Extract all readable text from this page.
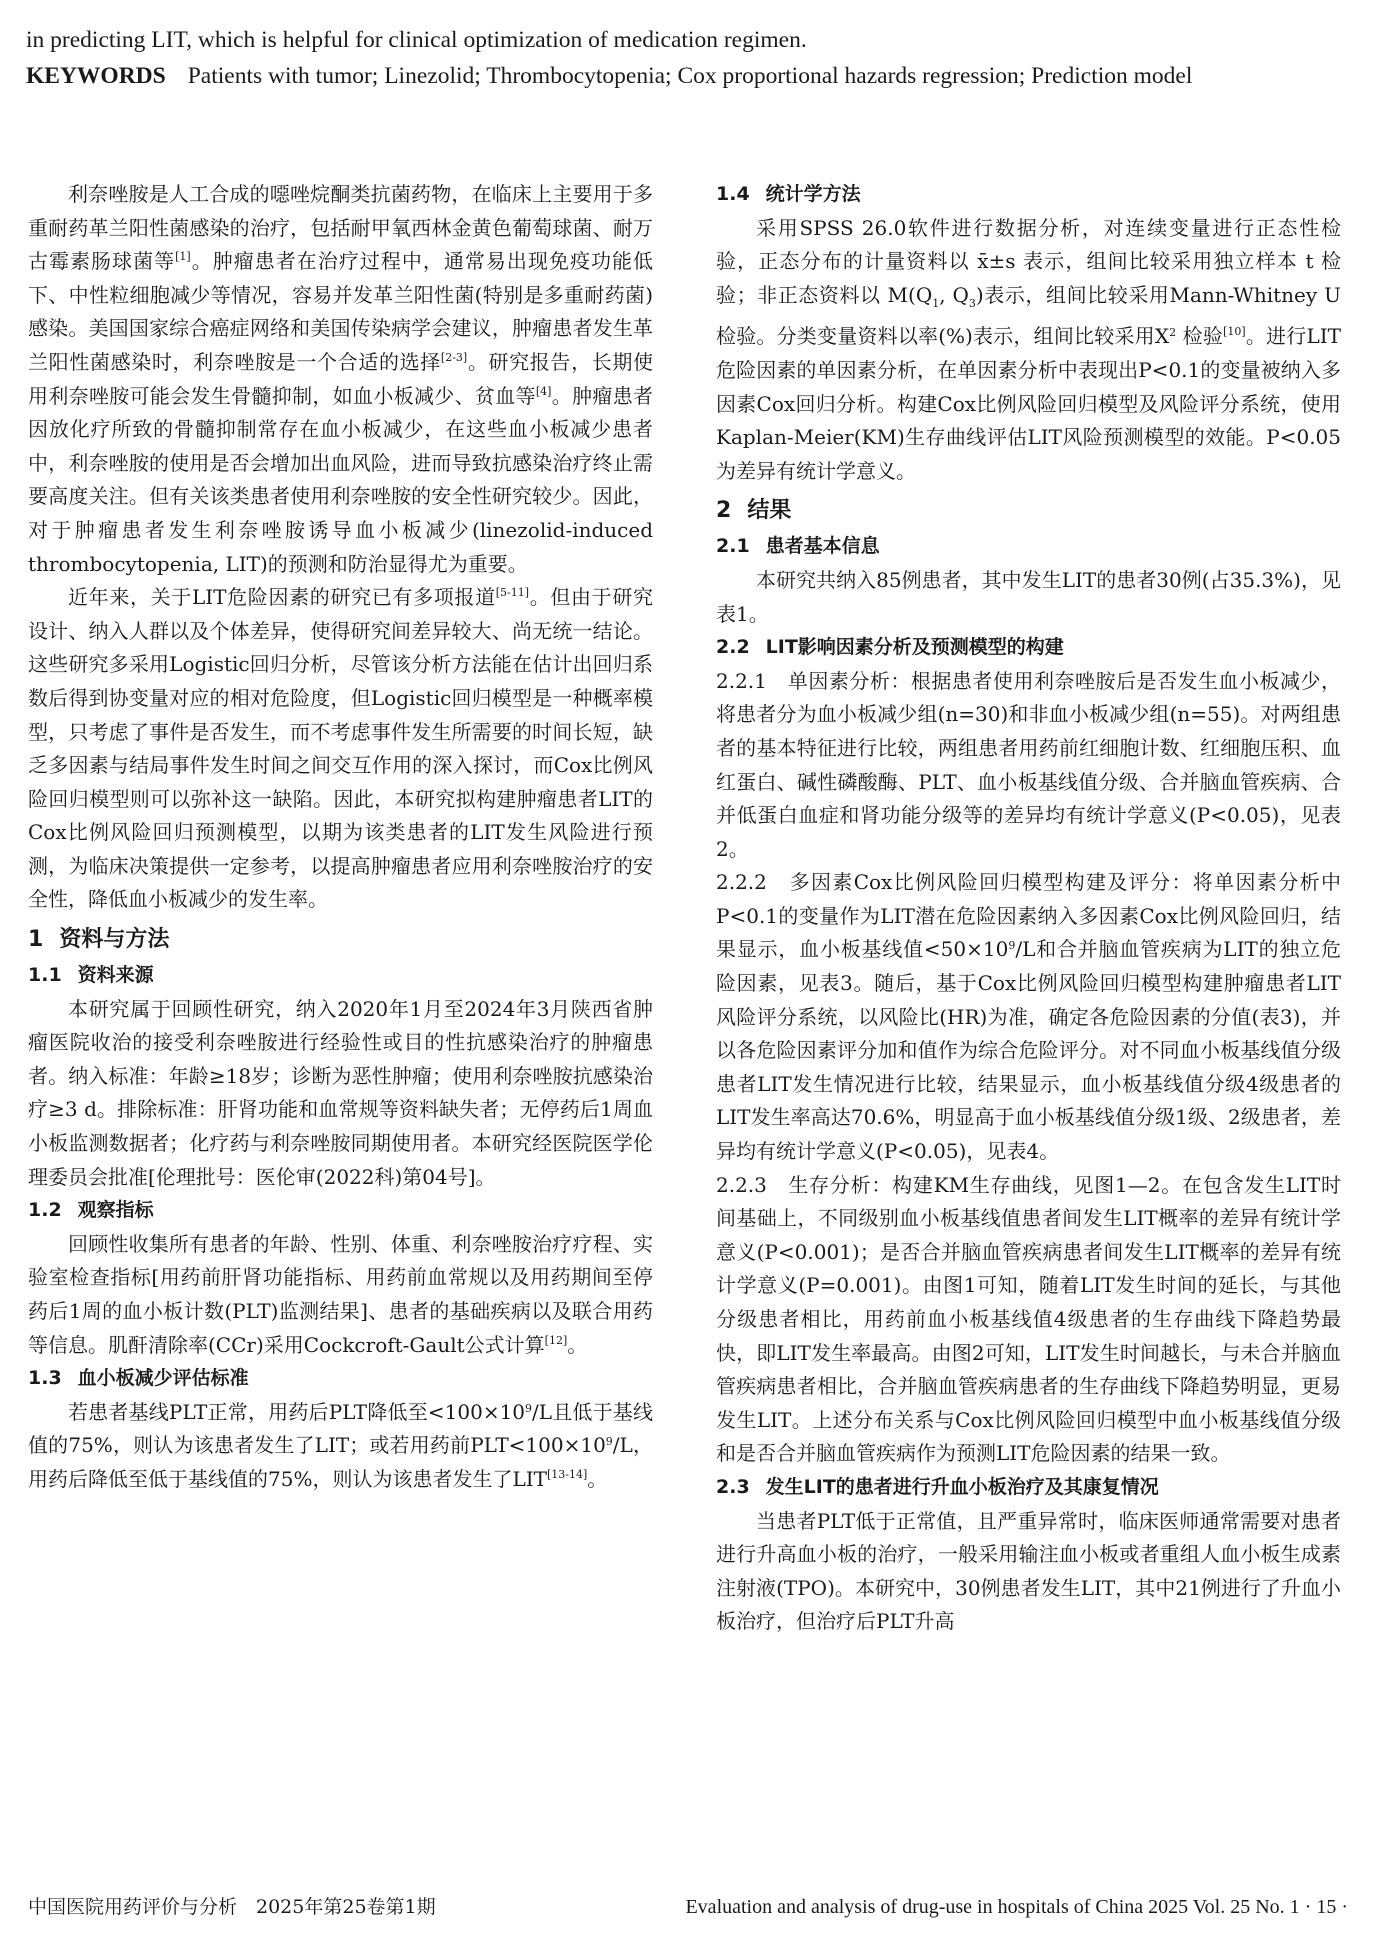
in predicting LIT, which is helpful for clinical optimization of medication regimen.
KEYWORDS Patients with tumor; Linezolid; Thrombocytopenia; Cox proportional hazards regression; Prediction model

利奈唑胺是人工合成的噁唑烷酮类抗菌药物，在临床上主要用于多重耐药革兰阳性菌感染的治疗，包括耐甲氧西林金黄色葡萄球菌、耐万古霉素肠球菌等[1]。肿瘤患者在治疗过程中，通常易出现免疫功能低下、中性粒细胞减少等情况，容易并发革兰阳性菌(特别是多重耐药菌)感染。美国国家综合癌症网络和美国传染病学会建议，肿瘤患者发生革兰阳性菌感染时，利奈唑胺是一个合适的选择[2-3]。研究报告，长期使用利奈唑胺可能会发生骨髓抑制，如血小板减少、贫血等[4]。肿瘤患者因放化疗所致的骨髓抑制常存在血小板减少，在这些血小板减少患者中，利奈唑胺的使用是否会增加出血风险，进而导致抗感染治疗终止需要高度关注。但有关该类患者使用利奈唑胺的安全性研究较少。因此，对于肿瘤患者发生利奈唑胺诱导血小板减少(linezolid-induced thrombocytopenia, LIT)的预测和防治显得尤为重要。

近年来，关于LIT危险因素的研究已有多项报道[5-11]。但由于研究设计、纳入人群以及个体差异，使得研究间差异较大、尚无统一结论。这些研究多采用Logistic回归分析，尽管该分析方法能在估计出回归系数后得到协变量对应的相对危险度，但Logistic回归模型是一种概率模型，只考虑了事件是否发生，而不考虑事件发生所需要的时间长短，缺乏多因素与结局事件发生时间之间交互作用的深入探讨，而Cox比例风险回归模型则可以弥补这一缺陷。因此，本研究拟构建肿瘤患者LIT的Cox比例风险回归预测模型，以期为该类患者的LIT发生风险进行预测，为临床决策提供一定参考，以提高肿瘤患者应用利奈唑胺治疗的安全性，降低血小板减少的发生率。

1 资料与方法
1.1 资料来源

本研究属于回顾性研究，纳入2020年1月至2024年3月陕西省肿瘤医院收治的接受利奈唑胺进行经验性或目的性抗感染治疗的肿瘤患者。纳入标准：年龄≥18岁；诊断为恶性肿瘤；使用利奈唑胺抗感染治疗≥3 d。排除标准：肝肾功能和血常规等资料缺失者；无停药后1周血小板监测数据者；化疗药与利奈唑胺同期使用者。本研究经医院医学伦理委员会批准[伦理批号：医伦审(2022科)第04号]。

1.2 观察指标

回顾性收集所有患者的年龄、性别、体重、利奈唑胺治疗疗程、实验室检查指标[用药前肝肾功能指标、用药前血常规以及用药期间至停药后1周的血小板计数(PLT)监测结果]、患者的基础疾病以及联合用药等信息。肌酐清除率(CCr)采用Cockcroft-Gault公式计算[12]。

1.3 血小板减少评估标准

若患者基线PLT正常，用药后PLT降低至$<100\times 10^9/L$且低于基线值的75%，则认为该患者发生了LIT；或若用药前$PLT<100\times 10^9/L$，用药后降低至低于基线值的75%，则认为该患者发生了LIT[13-14]。

1.4 统计学方法

采用SPSS 26.0软件进行数据分析，对连续变量进行正态性检验，正态分布的计量资料以 x̄±s 表示，组间比较采用独立样本 t 检验；非正态资料以 $M(Q_1$, $Q_3$)表示，组间比较采用Mann-Whitney U检验。分类变量资料以率(%)表示，组间比较采用$X^2$ 检验[10]。进行LIT危险因素的单因素分析，在单因素分析中表现出P<0.1的变量被纳入多因素Cox回归分析。构建Cox比例风险回归模型及风险评分系统，使用Kaplan-Meier(KM)生存曲线评估LIT风险预测模型的效能。P<0.05为差异有统计学意义。

2 结果
2.1 患者基本信息

本研究共纳入85例患者，其中发生LIT的患者30例(占35.3%)，见表1。

2.2 LIT影响因素分析及预测模型的构建

2.2.1　单因素分析：根据患者使用利奈唑胺后是否发生血小板减少，将患者分为血小板减少组(n=30)和非血小板减少组(n=55)。对两组患者的基本特征进行比较，两组患者用药前红细胞计数、红细胞压积、血红蛋白、碱性磷酸酶、PLT、血小板基线值分级、合并脑血管疾病、合并低蛋白血症和肾功能分级等的差异均有统计学意义(P<0.05)，见表2。

2.2.2　多因素Cox比例风险回归模型构建及评分：将单因素分析中P<0.1的变量作为LIT潜在危险因素纳入多因素Cox比例风险回归，结果显示，血小板基线值$<50\times 10^9/L$和合并脑血管疾病为LIT的独立危险因素，见表3。随后，基于Cox比例风险回归模型构建肿瘤患者LIT风险评分系统，以风险比(HR)为准，确定各危险因素的分值(表3)，并以各危险因素评分加和值作为综合危险评分。对不同血小板基线值分级患者LIT发生情况进行比较，结果显示，血小板基线值分级4级患者的LIT发生率高达70.6%，明显高于血小板基线值分级1级、2级患者，差异均有统计学意义(P<0.05)，见表4。

2.2.3　生存分析：构建KM生存曲线，见图1—2。在包含发生LIT时间基础上，不同级别血小板基线值患者间发生LIT概率的差异有统计学意义(P<0.001)；是否合并脑血管疾病患者间发生LIT概率的差异有统计学意义(P=0.001)。由图1可知，随着LIT发生时间的延长，与其他分级患者相比，用药前血小板基线值4级患者的生存曲线下降趋势最快，即LIT发生率最高。由图2可知，LIT发生时间越长，与未合并脑血管疾病患者相比，合并脑血管疾病患者的生存曲线下降趋势明显，更易发生LIT。上述分布关系与Cox比例风险回归模型中血小板基线值分级和是否合并脑血管疾病作为预测LIT危险因素的结果一致。

2.3 发生LIT的患者进行升血小板治疗及其康复情况

当患者PLT低于正常值，且严重异常时，临床医师通常需要对患者进行升高血小板的治疗，一般采用输注血小板或者重组人血小板生成素注射液(TPO)。本研究中，30例患者发生LIT，其中21例进行了升血小板治疗，但治疗后PLT升高

中国医院用药评价与分析　2025年第25卷第1期	Evaluation and analysis of drug-use in hospitals of China 2025 Vol. 25 No. 1 · 15 ·
